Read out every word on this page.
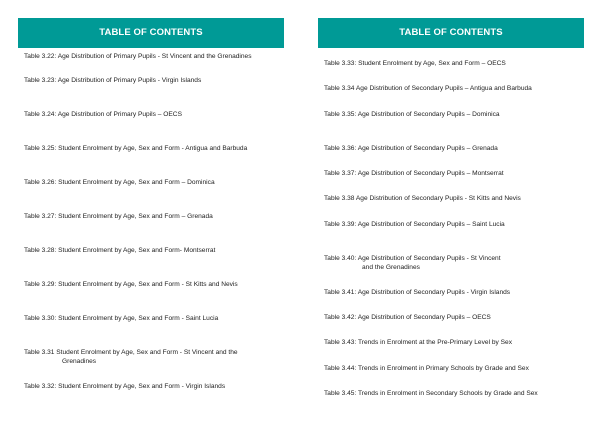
TABLE OF CONTENTS
Table 3.22: Age Distribution of Primary Pupils - St Vincent and the Grenadines
Table 3.23: Age Distribution of Primary Pupils - Virgin Islands
Table 3.24: Age Distribution of Primary Pupils – OECS
Table 3.25: Student Enrolment by Age, Sex and Form - Antigua and Barbuda
Table 3.26: Student Enrolment by Age, Sex and Form – Dominica
Table 3.27: Student Enrolment by Age, Sex and Form – Grenada
Table 3.28: Student Enrolment by Age, Sex and Form- Montserrat
Table 3.29: Student Enrolment by Age, Sex and Form - St Kitts and Nevis
Table 3.30: Student Enrolment by Age, Sex and Form - Saint Lucia
Table 3.31 Student Enrolment by Age, Sex and Form - St Vincent and the
Grenadines
Table 3.32: Student Enrolment by Age, Sex and Form - Virgin Islands
TABLE OF CONTENTS
Table 3.33: Student Enrolment by Age, Sex and Form – OECS
Table 3.34 Age Distribution of Secondary Pupils – Antigua and Barbuda
Table 3.35: Age Distribution of Secondary Pupils – Dominica
Table 3.36: Age Distribution of Secondary Pupils – Grenada
Table 3.37: Age Distribution of Secondary Pupils – Montserrat
Table 3.38 Age Distribution of Secondary Pupils - St Kitts and Nevis
Table 3.39: Age Distribution of Secondary Pupils – Saint Lucia
Table 3.40: Age Distribution of Secondary Pupils - St Vincent
and the Grenadines
Table 3.41: Age Distribution of Secondary Pupils - Virgin Islands
Table 3.42: Age Distribution of Secondary Pupils – OECS
Table 3.43: Trends in Enrolment at the Pre-Primary Level by Sex
Table 3.44: Trends in Enrolment in Primary Schools by Grade and Sex
Table 3.45: Trends in Enrolment in Secondary Schools by Grade and Sex
